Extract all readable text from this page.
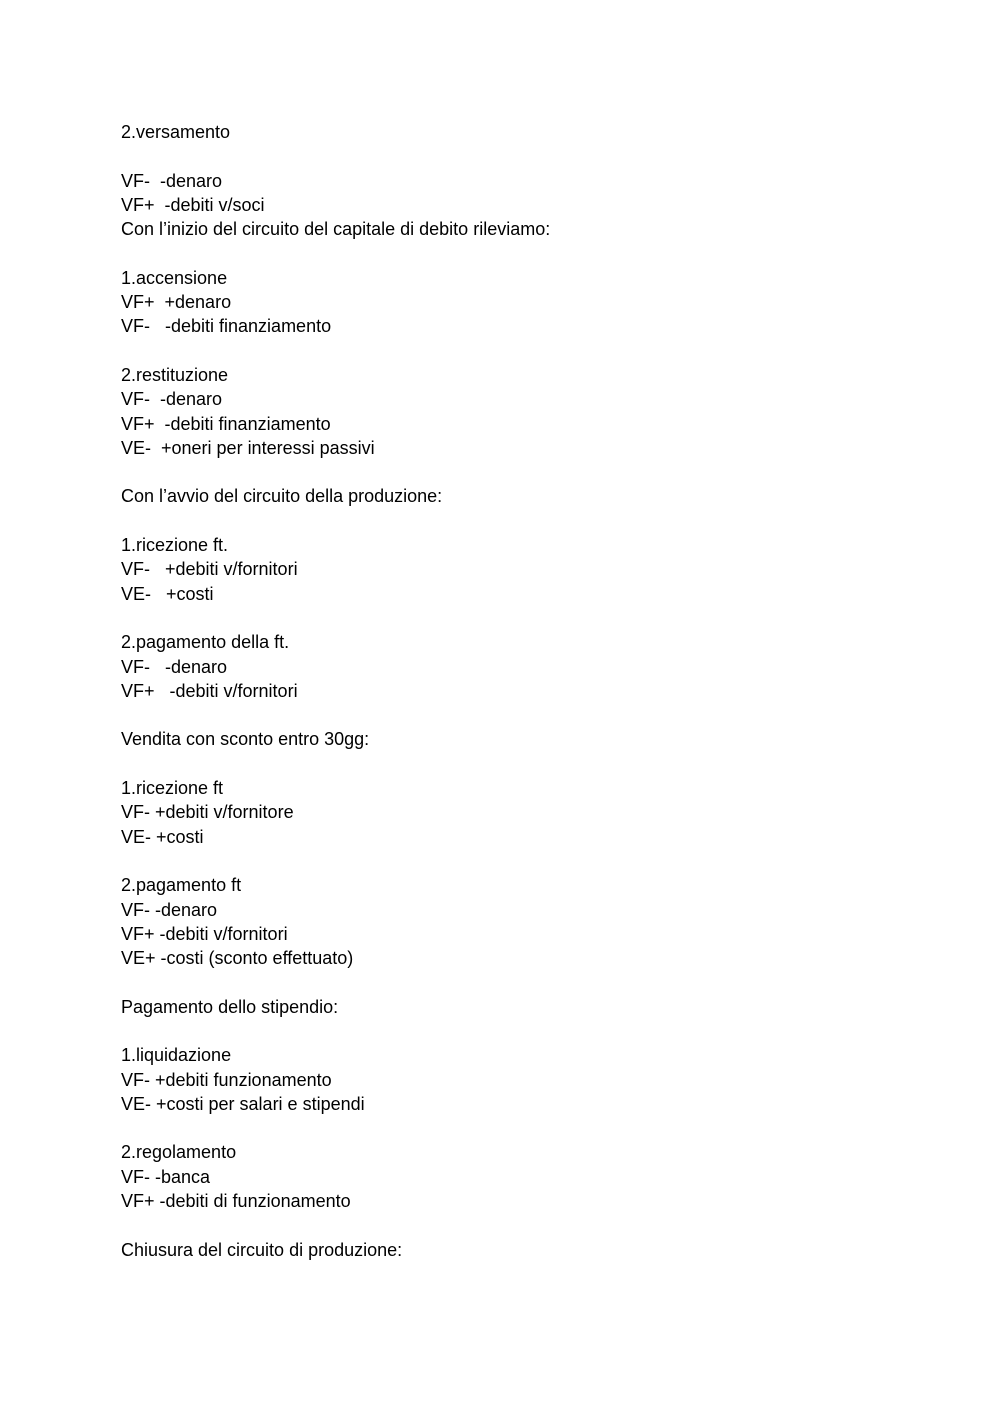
2.versamento
VF-  -denaro
VF+  -debiti v/soci
Con l’inizio del circuito del capitale di debito rileviamo:
1.accensione
VF+  +denaro
VF-   -debiti finanziamento
2.restituzione
VF-  -denaro
VF+  -debiti finanziamento
VE-  +oneri per interessi passivi
Con l’avvio del circuito della produzione:
1.ricezione ft.
VF-   +debiti v/fornitori
VE-   +costi
2.pagamento della ft.
VF-   -denaro
VF+   -debiti v/fornitori
Vendita con sconto entro 30gg:
1.ricezione ft
VF- +debiti v/fornitore
VE- +costi
2.pagamento ft
VF- -denaro
VF+ -debiti v/fornitori
VE+ -costi (sconto effettuato)
Pagamento dello stipendio:
1.liquidazione
VF- +debiti funzionamento
VE- +costi per salari e stipendi
2.regolamento
VF- -banca
VF+ -debiti di funzionamento
Chiusura del circuito di produzione:
